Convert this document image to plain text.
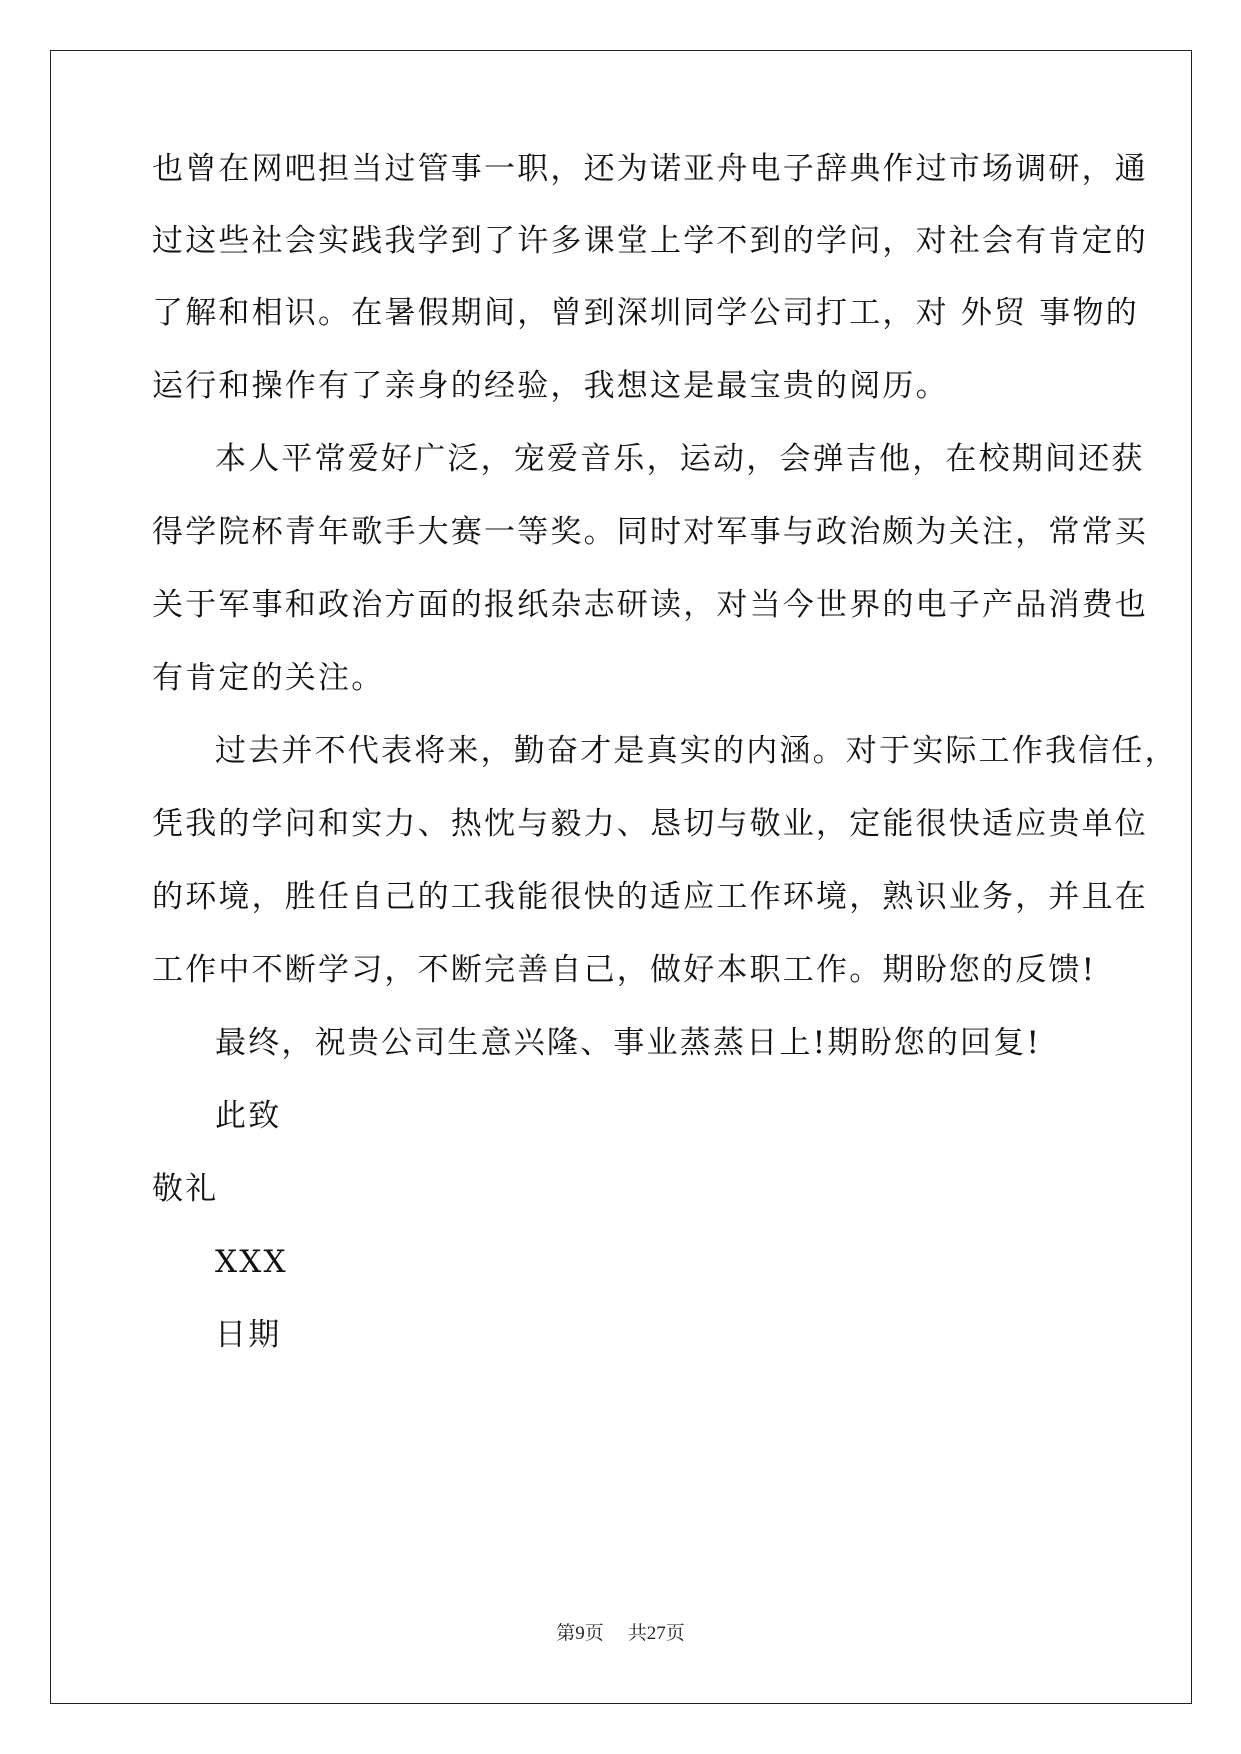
也曾在网吧担当过管事一职，还为诺亚舟电子辞典作过市场调研，通
过这些社会实践我学到了许多课堂上学不到的学问，对社会有肯定的
了解和相识。在暑假期间，曾到深圳同学公司打工，对 外贸 事物的
运行和操作有了亲身的经验，我想这是最宝贵的阅历。
本人平常爱好广泛，宠爱音乐，运动，会弹吉他，在校期间还获
得学院杯青年歌手大赛一等奖。同时对军事与政治颇为关注，常常买
关于军事和政治方面的报纸杂志研读，对当今世界的电子产品消费也
有肯定的关注。
过去并不代表将来，勤奋才是真实的内涵。对于实际工作我信任，
凭我的学问和实力、热忱与毅力、恳切与敬业，定能很快适应贵单位
的环境，胜任自己的工我能很快的适应工作环境，熟识业务，并且在
工作中不断学习，不断完善自己，做好本职工作。期盼您的反馈!
最终，祝贵公司生意兴隆、事业蒸蒸日上!期盼您的回复!
此致
敬礼
XXX
日期
第9页 共27页
